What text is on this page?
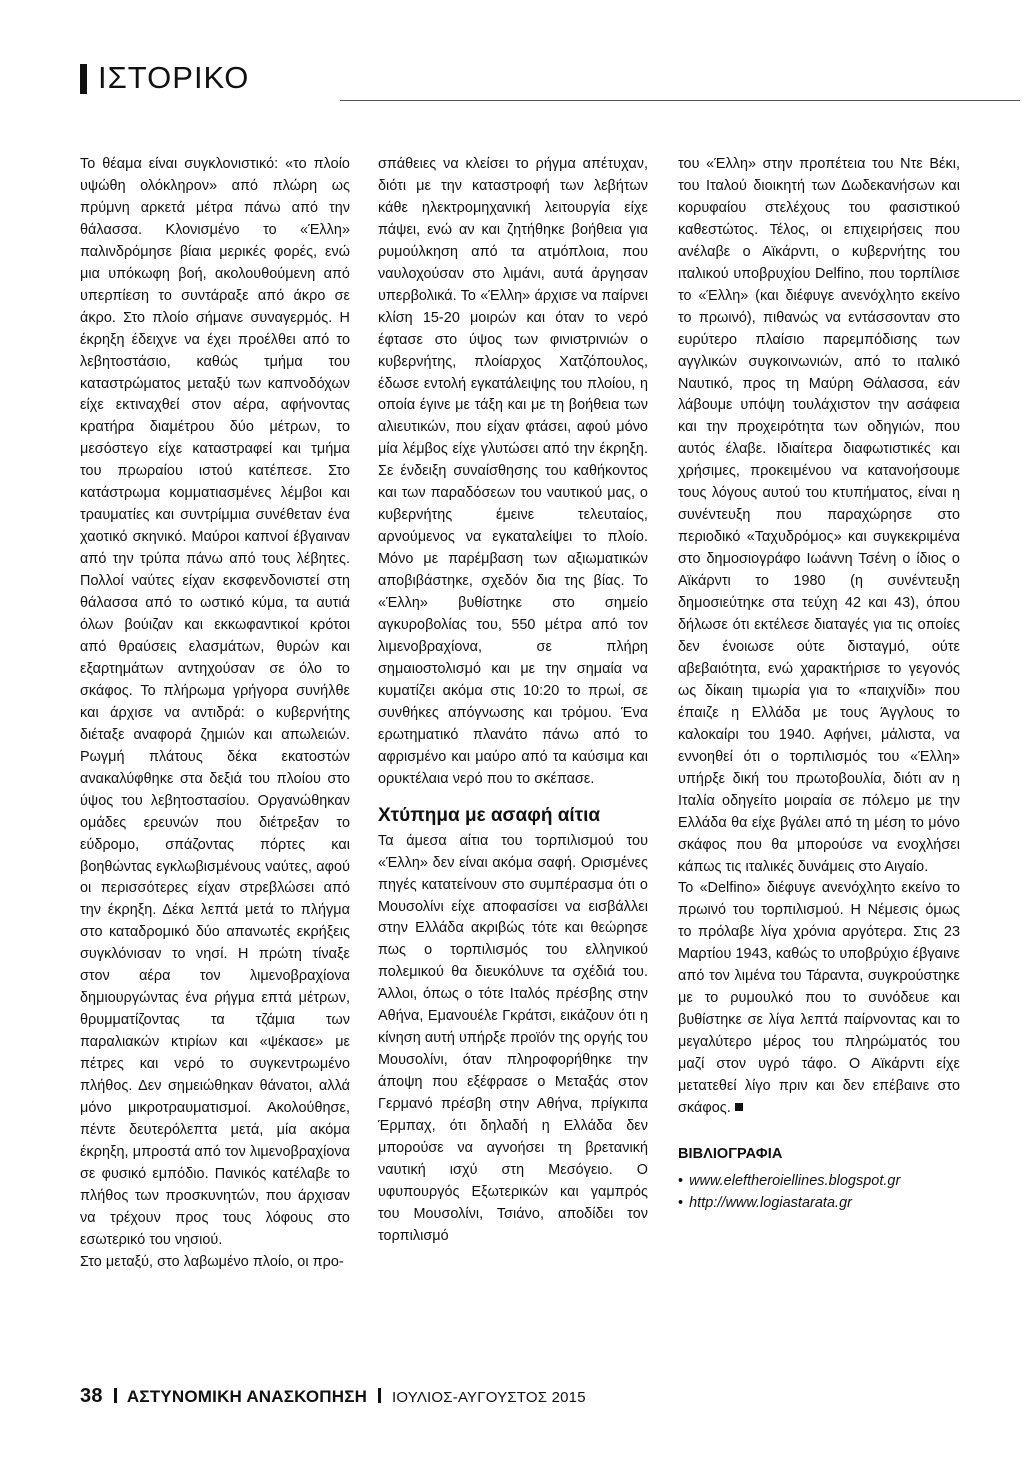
ΙΣΤΟΡΙΚΟ

Το θέαμα είναι συγκλονιστικό: «το πλοίο υψώθη ολόκληρον» από πλώρη ως πρύμνη αρκετά μέτρα πάνω από την θάλασσα. Κλονισμένο το «Έλλη» παλινδρόμησε βίαια μερικές φορές, ενώ μια υπόκωφη βοή, ακολουθούμενη από υπερπίεση το συντάραξε από άκρο σε άκρο. Στο πλοίο σήμανε συναγερμός. Η έκρηξη έδειχνε να έχει προέλθει από το λεβητοστάσιο, καθώς τμήμα του καταστρώματος μεταξύ των καπνοδόχων είχε εκτιναχθεί στον αέρα, αφήνοντας κρατήρα διαμέτρου δύο μέτρων, το μεσόστεγο είχε καταστραφεί και τμήμα του πρωραίου ιστού κατέπεσε. Στο κατάστρωμα κομματιασμένες λέμβοι και τραυματίες και συντρίμμια συνέθεταν ένα χαοτικό σκηνικό. Μαύροι καπνοί έβγαιναν από την τρύπα πάνω από τους λέβητες. Πολλοί ναύτες είχαν εκσφενδονιστεί στη θάλασσα από το ωστικό κύμα, τα αυτιά όλων βούιζαν και εκκωφαντικοί κρότοι από θραύσεις ελασμάτων, θυρών και εξαρτημάτων αντηχούσαν σε όλο το σκάφος. Το πλήρωμα γρήγορα συνήλθε και άρχισε να αντιδρά: ο κυβερνήτης διέταξε αναφορά ζημιών και απωλειών. Ρωγμή πλάτους δέκα εκατοστών ανακαλύφθηκε στα δεξιά του πλοίου στο ύψος του λεβητοστασίου. Οργανώθηκαν ομάδες ερευνών που διέτρεξαν το εύδρομο, σπάζοντας πόρτες και βοηθώντας εγκλωβισμένους ναύτες, αφού οι περισσότερες είχαν στρεβλώσει από την έκρηξη. Δέκα λεπτά μετά το πλήγμα στο καταδρομικό δύο απανωτές εκρήξεις συγκλόνισαν το νησί. Η πρώτη τίναξε στον αέρα τον λιμενοβραχίονα δημιουργώντας ένα ρήγμα επτά μέτρων, θρυμματίζοντας τα τζάμια των παραλιακών κτιρίων και «ψέκασε» με πέτρες και νερό το συγκεντρωμένο πλήθος. Δεν σημειώθηκαν θάνατοι, αλλά μόνο μικροτραυματισμοί. Ακολούθησε, πέντε δευτερόλεπτα μετά, μία ακόμα έκρηξη, μπροστά από τον λιμενοβραχίονα σε φυσικό εμπόδιο. Πανικός κατέλαβε το πλήθος των προσκυνητών, που άρχισαν να τρέχουν προς τους λόφους στο εσωτερικό του νησιού.

Στο μεταξύ, στο λαβωμένο πλοίο, οι προ-

σπάθειες να κλείσει το ρήγμα απέτυχαν, διότι με την καταστροφή των λεβήτων κάθε ηλεκτρομηχανική λειτουργία είχε πάψει, ενώ αν και ζητήθηκε βοήθεια για ρυμούλκηση από τα ατμόπλοια, που ναυλοχούσαν στο λιμάνι, αυτά άργησαν υπερβολικά. Το «Έλλη» άρχισε να παίρνει κλίση 15-20 μοιρών και όταν το νερό έφτασε στο ύψος των φινιστρινιών ο κυβερνήτης, πλοίαρχος Χατζόπουλος, έδωσε εντολή εγκατάλειψης του πλοίου, η οποία έγινε με τάξη και με τη βοήθεια των αλιευτικών, που είχαν φτάσει, αφού μόνο μία λέμβος είχε γλυτώσει από την έκρηξη. Σε ένδειξη συναίσθησης του καθήκοντος και των παραδόσεων του ναυτικού μας, ο κυβερνήτης έμεινε τελευταίος, αρνούμενος να εγκαταλείψει το πλοίο. Μόνο με παρέμβαση των αξιωματικών αποβιβάστηκε, σχεδόν δια της βίας. Το «Έλλη» βυθίστηκε στο σημείο αγκυροβολίας του, 550 μέτρα από τον λιμενοβραχίονα, σε πλήρη σημαιοστολισμό και με την σημαία να κυματίζει ακόμα στις 10:20 το πρωί, σε συνθήκες απόγνωσης και τρόμου. Ένα ερωτηματικό πλανάτο πάνω από το αφρισμένο και μαύρο από τα καύσιμα και ορυκτέλαια νερό που το σκέπασε.

Χτύπημα με ασαφή αίτια

Τα άμεσα αίτια του τορπιλισμού του «Έλλη» δεν είναι ακόμα σαφή. Ορισμένες πηγές κατατείνουν στο συμπέρασμα ότι ο Μουσολίνι είχε αποφασίσει να εισβάλλει στην Ελλάδα ακριβώς τότε και θεώρησε πως ο τορπιλισμός του ελληνικού πολεμικού θα διευκόλυνε τα σχέδιά του. Άλλοι, όπως ο τότε Ιταλός πρέσβης στην Αθήνα, Εμανουέλε Γκράτσι, εικάζουν ότι η κίνηση αυτή υπήρξε προϊόν της οργής του Μουσολίνι, όταν πληροφορήθηκε την άποψη που εξέφρασε ο Μεταξάς στον Γερμανό πρέσβη στην Αθήνα, πρίγκιπα Έρμπαχ, ότι δηλαδή η Ελλάδα δεν μπορούσε να αγνοήσει τη βρετανική ναυτική ισχύ στη Μεσόγειο. Ο υφυπουργός Εξωτερικών και γαμπρός του Μουσολίνι, Τσιάνο, αποδίδει τον τορπιλισμό

του «Έλλη» στην προπέτεια του Ντε Βέκι, του Ιταλού διοικητή των Δωδεκανήσων και κορυφαίου στελέχους του φασιστικού καθεστώτος. Τέλος, οι επιχειρήσεις που ανέλαβε ο Αϊκάρντι, ο κυβερνήτης του ιταλικού υποβρυχίου Delfino, που τορπίλισε το «Έλλη» (και διέφυγε ανενόχλητο εκείνο το πρωινό), πιθανώς να εντάσσονταν στο ευρύτερο πλαίσιο παρεμπόδισης των αγγλικών συγκοινωνιών, από το ιταλικό Ναυτικό, προς τη Μαύρη Θάλασσα, εάν λάβουμε υπόψη τουλάχιστον την ασάφεια και την προχειρότητα των οδηγιών, που αυτός έλαβε. Ιδιαίτερα διαφωτιστικές και χρήσιμες, προκειμένου να κατανοήσουμε τους λόγους αυτού του κτυπήματος, είναι η συνέντευξη που παραχώρησε στο περιοδικό «Ταχυδρόμος» και συγκεκριμένα στο δημοσιογράφο Ιωάννη Τσένη ο ίδιος ο Αϊκάρντι το 1980 (η συνέντευξη δημοσιεύτηκε στα τεύχη 42 και 43), όπου δήλωσε ότι εκτέλεσε διαταγές για τις οποίες δεν ένοιωσε ούτε δισταγμό, ούτε αβεβαιότητα, ενώ χαρακτήρισε το γεγονός ως δίκαιη τιμωρία για το «παιχνίδι» που έπαιζε η Ελλάδα με τους Άγγλους το καλοκαίρι του 1940. Αφήνει, μάλιστα, να εννοηθεί ότι ο τορπιλισμός του «Έλλη» υπήρξε δική του πρωτοβουλία, διότι αν η Ιταλία οδηγείτο μοιραία σε πόλεμο με την Ελλάδα θα είχε βγάλει από τη μέση το μόνο σκάφος που θα μπορούσε να ενοχλήσει κάπως τις ιταλικές δυνάμεις στο Αιγαίο.

Το «Delfino» διέφυγε ανενόχλητο εκείνο το πρωινό του τορπιλισμού. Η Νέμεσις όμως το πρόλαβε λίγα χρόνια αργότερα. Στις 23 Μαρτίου 1943, καθώς το υποβρύχιο έβγαινε από τον λιμένα του Τάραντα, συγκρούστηκε με το ρυμουλκό που το συνόδευε και βυθίστηκε σε λίγα λεπτά παίρνοντας και το μεγαλύτερο μέρος του πληρώματός του μαζί στον υγρό τάφο. Ο Αϊκάρντι είχε μετατεθεί λίγο πριν και δεν επέβαινε στο σκάφος.

ΒΙΒΛΙΟΓΡΑΦΙΑ
• www.eleftheroiellines.blogspot.gr
• http://www.logiastarata.gr
38 ΑΣΤΥΝΟΜΙΚΗ ΑΝΑΣΚΟΠΗΣΗ ΙΟΥΛΙΟΣ-ΑΥΓΟΥΣΤΟΣ 2015
